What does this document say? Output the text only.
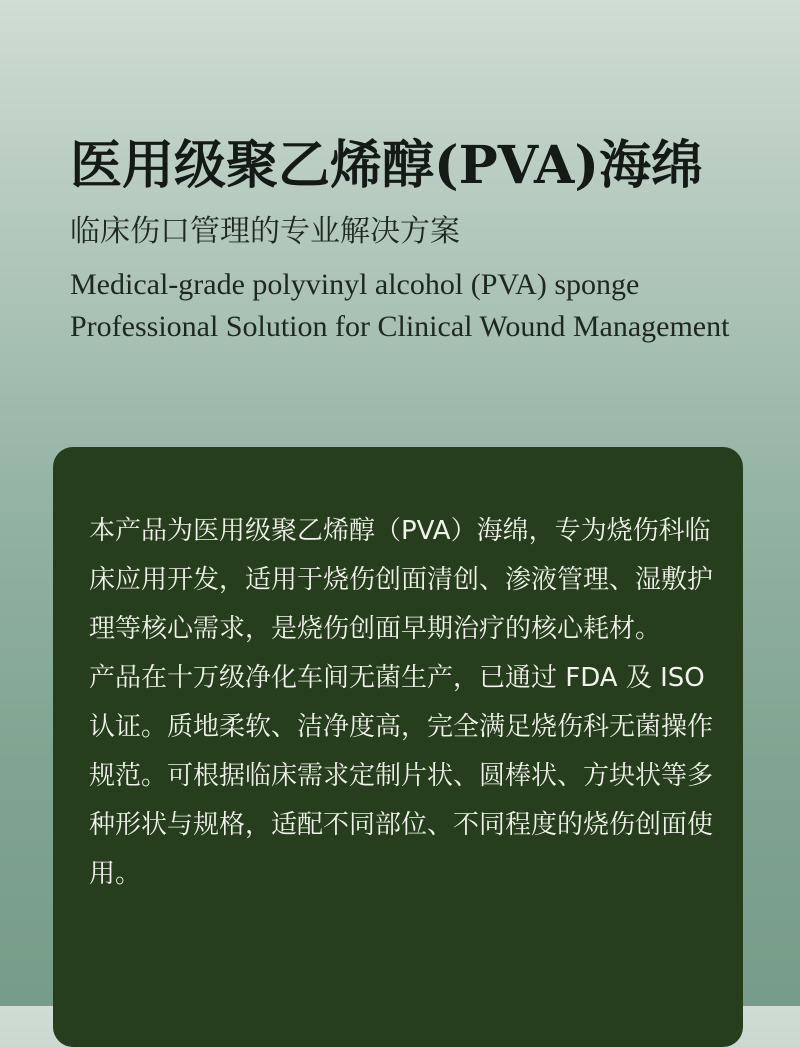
医用级聚乙烯醇(PVA)海绵
临床伤口管理的专业解决方案
Medical-grade polyvinyl alcohol (PVA) sponge Professional Solution for Clinical Wound Management

本产品为医用级聚乙烯醇（PVA）海绵，专为烧伤科临床应用开发，适用于烧伤创面清创、渗液管理、湿敷护理等核心需求，是烧伤创面早期治疗的核心耗材。

产品在十万级净化车间无菌生产，已通过 FDA 及 ISO 认证。质地柔软、洁净度高，完全满足烧伤科无菌操作规范。可根据临床需求定制片状、圆棒状、方块状等多种形状与规格，适配不同部位、不同程度的烧伤创面使用。
